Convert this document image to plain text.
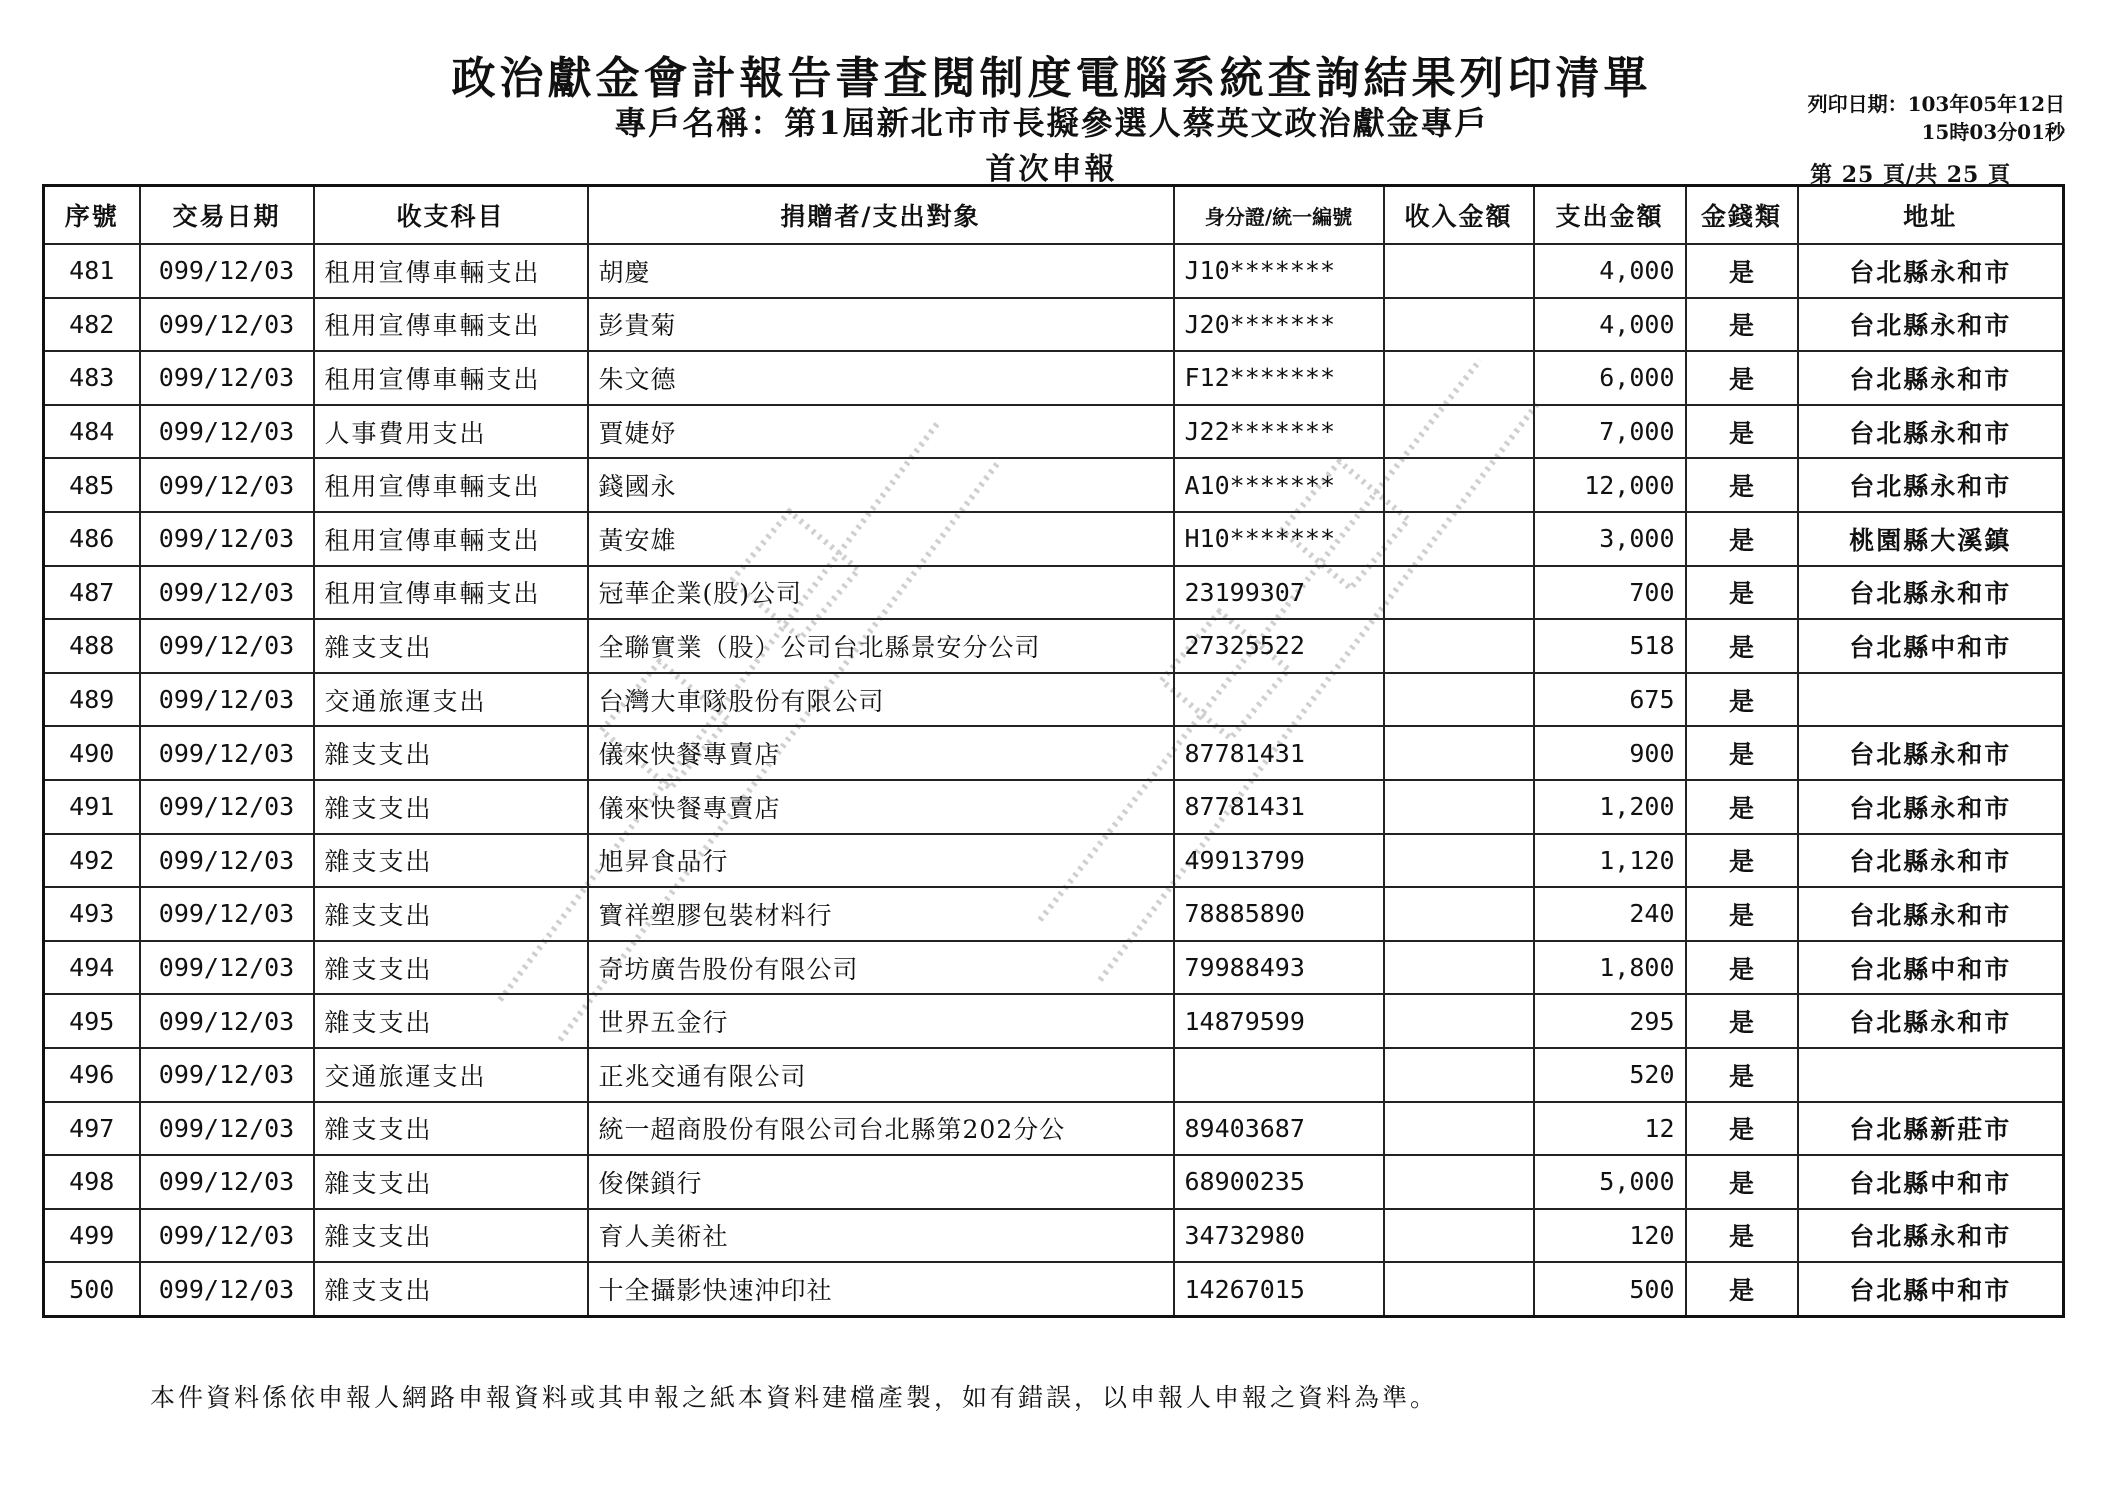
政治獻金會計報告書查閱制度電腦系統查詢結果列印清單
專戶名稱：第1屆新北市市長擬參選人蔡英文政治獻金專戶
首次申報
列印日期：103年05年12日
15時03分01秒
第 25 頁/共 25 頁
序號	交易日期	收支科目	捐贈者/支出對象	身分證/統一編號	收入金額	支出金額	金錢類	地址
481	099/12/03	租用宣傳車輛支出	胡慶	J10*******		4,000	是	台北縣永和市
482	099/12/03	租用宣傳車輛支出	彭貴菊	J20*******		4,000	是	台北縣永和市
483	099/12/03	租用宣傳車輛支出	朱文德	F12*******		6,000	是	台北縣永和市
484	099/12/03	人事費用支出	賈婕妤	J22*******		7,000	是	台北縣永和市
485	099/12/03	租用宣傳車輛支出	錢國永	A10*******		12,000	是	台北縣永和市
486	099/12/03	租用宣傳車輛支出	黃安雄	H10*******		3,000	是	桃園縣大溪鎮
487	099/12/03	租用宣傳車輛支出	冠華企業(股)公司	23199307		700	是	台北縣永和市
488	099/12/03	雜支支出	全聯實業（股）公司台北縣景安分公司	27325522		518	是	台北縣中和市
489	099/12/03	交通旅運支出	台灣大車隊股份有限公司			675	是	
490	099/12/03	雜支支出	儀來快餐專賣店	87781431		900	是	台北縣永和市
491	099/12/03	雜支支出	儀來快餐專賣店	87781431		1,200	是	台北縣永和市
492	099/12/03	雜支支出	旭昇食品行	49913799		1,120	是	台北縣永和市
493	099/12/03	雜支支出	寶祥塑膠包裝材料行	78885890		240	是	台北縣永和市
494	099/12/03	雜支支出	奇坊廣告股份有限公司	79988493		1,800	是	台北縣中和市
495	099/12/03	雜支支出	世界五金行	14879599		295	是	台北縣永和市
496	099/12/03	交通旅運支出	正兆交通有限公司			520	是	
497	099/12/03	雜支支出	統一超商股份有限公司台北縣第202分公	89403687		12	是	台北縣新莊市
498	099/12/03	雜支支出	俊傑鎖行	68900235		5,000	是	台北縣中和市
499	099/12/03	雜支支出	育人美術社	34732980		120	是	台北縣永和市
500	099/12/03	雜支支出	十全攝影快速沖印社	14267015		500	是	台北縣中和市
本件資料係依申報人網路申報資料或其申報之紙本資料建檔產製，如有錯誤，以申報人申報之資料為準。
